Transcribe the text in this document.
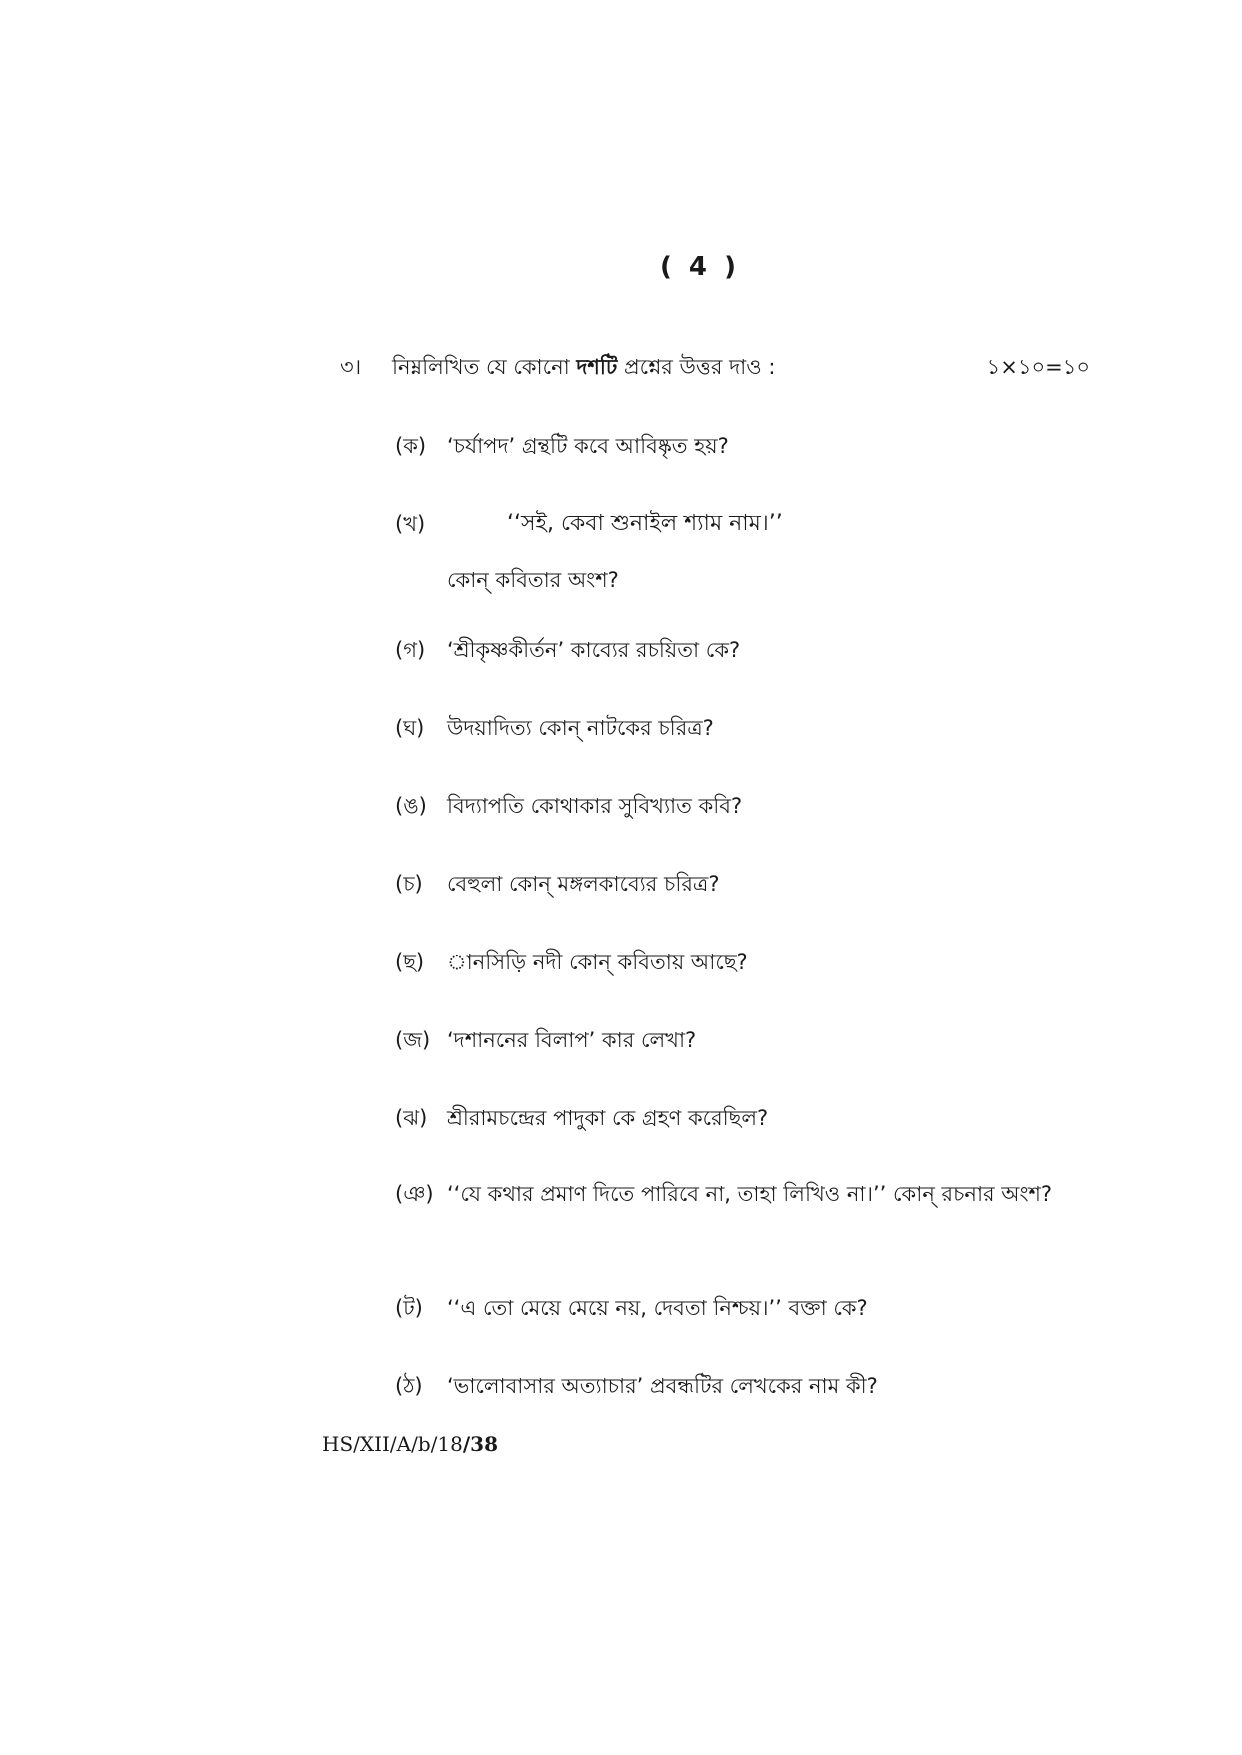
( 4 )
৩। নিম্নলিখিত যে কোনো দশটি প্রশ্নের উত্তর দাও :	১×১০=১০
(ক) ‘চর্যাপদ’ গ্রন্থটি কবে আবিষ্কৃত হয়?
(খ)	‘‘সই, কেবা শুনাইল শ্যাম নাম।’’
কোন্ কবিতার অংশ?
(গ)	‘শ্রীকৃষ্ণকীর্তন’ কাব্যের রচয়িতা কে?
(ঘ)	উদয়াদিত্য কোন্ নাটকের চরিত্র?
(ঙ) বিদ্যাপতি কোথাকার সুবিখ্যাত কবি?
(চ)	বেহুলা কোন্ মঙ্গলকাব্যের চরিত্র?
(ছ)	ানসিড়ি নদী কোন্ কবিতায় আছে?
(জ) ‘দশাননের বিলাপ’ কার লেখা?
(ঝ) শ্রীরামচন্দ্রের পাদুকা কে গ্রহণ করেছিল?
(ঞ) ‘‘যে কথার প্রমাণ দিতে পারিবে না, তাহা লিখিও না।’’ কোন্ রচনার অংশ?
(ট)	‘‘এ তো মেয়ে মেয়ে নয়, দেবতা নিশ্চয়।’’ বক্তা কে?
(ঠ)	‘ভালোবাসার অত্যাচার’ প্রবন্ধটির লেখকের নাম কী?
HS/XII/A/b/18/38
